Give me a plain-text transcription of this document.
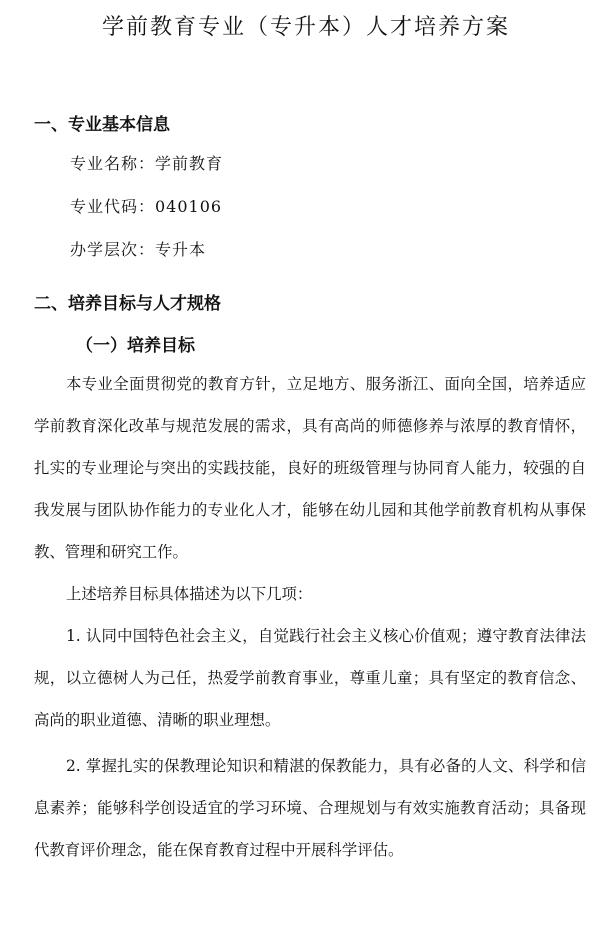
学前教育专业（专升本）人才培养方案
一、专业基本信息
专业名称：学前教育
专业代码：040106
办学层次：专升本
二、培养目标与人才规格
（一）培养目标

本专业全面贯彻党的教育方针，立足地方、服务浙江、面向全国，培养适应学前教育深化改革与规范发展的需求，具有高尚的师德修养与浓厚的教育情怀，扎实的专业理论与突出的实践技能，良好的班级管理与协同育人能力，较强的自我发展与团队协作能力的专业化人才，能够在幼儿园和其他学前教育机构从事保教、管理和研究工作。

上述培养目标具体描述为以下几项：

1. 认同中国特色社会主义，自觉践行社会主义核心价值观；遵守教育法律法规，以立德树人为己任，热爱学前教育事业，尊重儿童；具有坚定的教育信念、高尚的职业道德、清晰的职业理想。

2. 掌握扎实的保教理论知识和精湛的保教能力，具有必备的人文、科学和信息素养；能够科学创设适宜的学习环境、合理规划与有效实施教育活动；具备现代教育评价理念，能在保育教育过程中开展科学评估。
